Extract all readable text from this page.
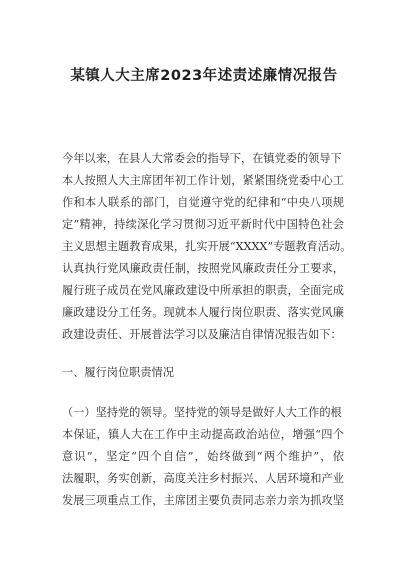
某镇人大主席2023年述责述廉情况报告
今年以来，在县人大常委会的指导下，在镇党委的领导下
本人按照人大主席团年初工作计划，紧紧围绕党委中心工
作和本人联系的部门，自觉遵守党的纪律和“中央八项规
定”精神，持续深化学习贯彻习近平新时代中国特色社会
主义思想主题教育成果，扎实开展“XXXX”专题教育活动。
认真执行党风廉政责任制，按照党风廉政责任分工要求，
履行班子成员在党风廉政建设中所承担的职责，全面完成
廉政建设分工任务。现就本人履行岗位职责、落实党风廉
政建设责任、开展普法学习以及廉洁自律情况报告如下：
一、履行岗位职责情况
（一）坚持党的领导。坚持党的领导是做好人大工作的根
本保证，镇人大在工作中主动提高政治站位，增强“四个
意识”，坚定“四个自信”，始终做到“两个维护”，依
法履职，务实创新，高度关注乡村振兴、人居环境和产业
发展三项重点工作，主席团主要负责同志亲力亲为抓攻坚
